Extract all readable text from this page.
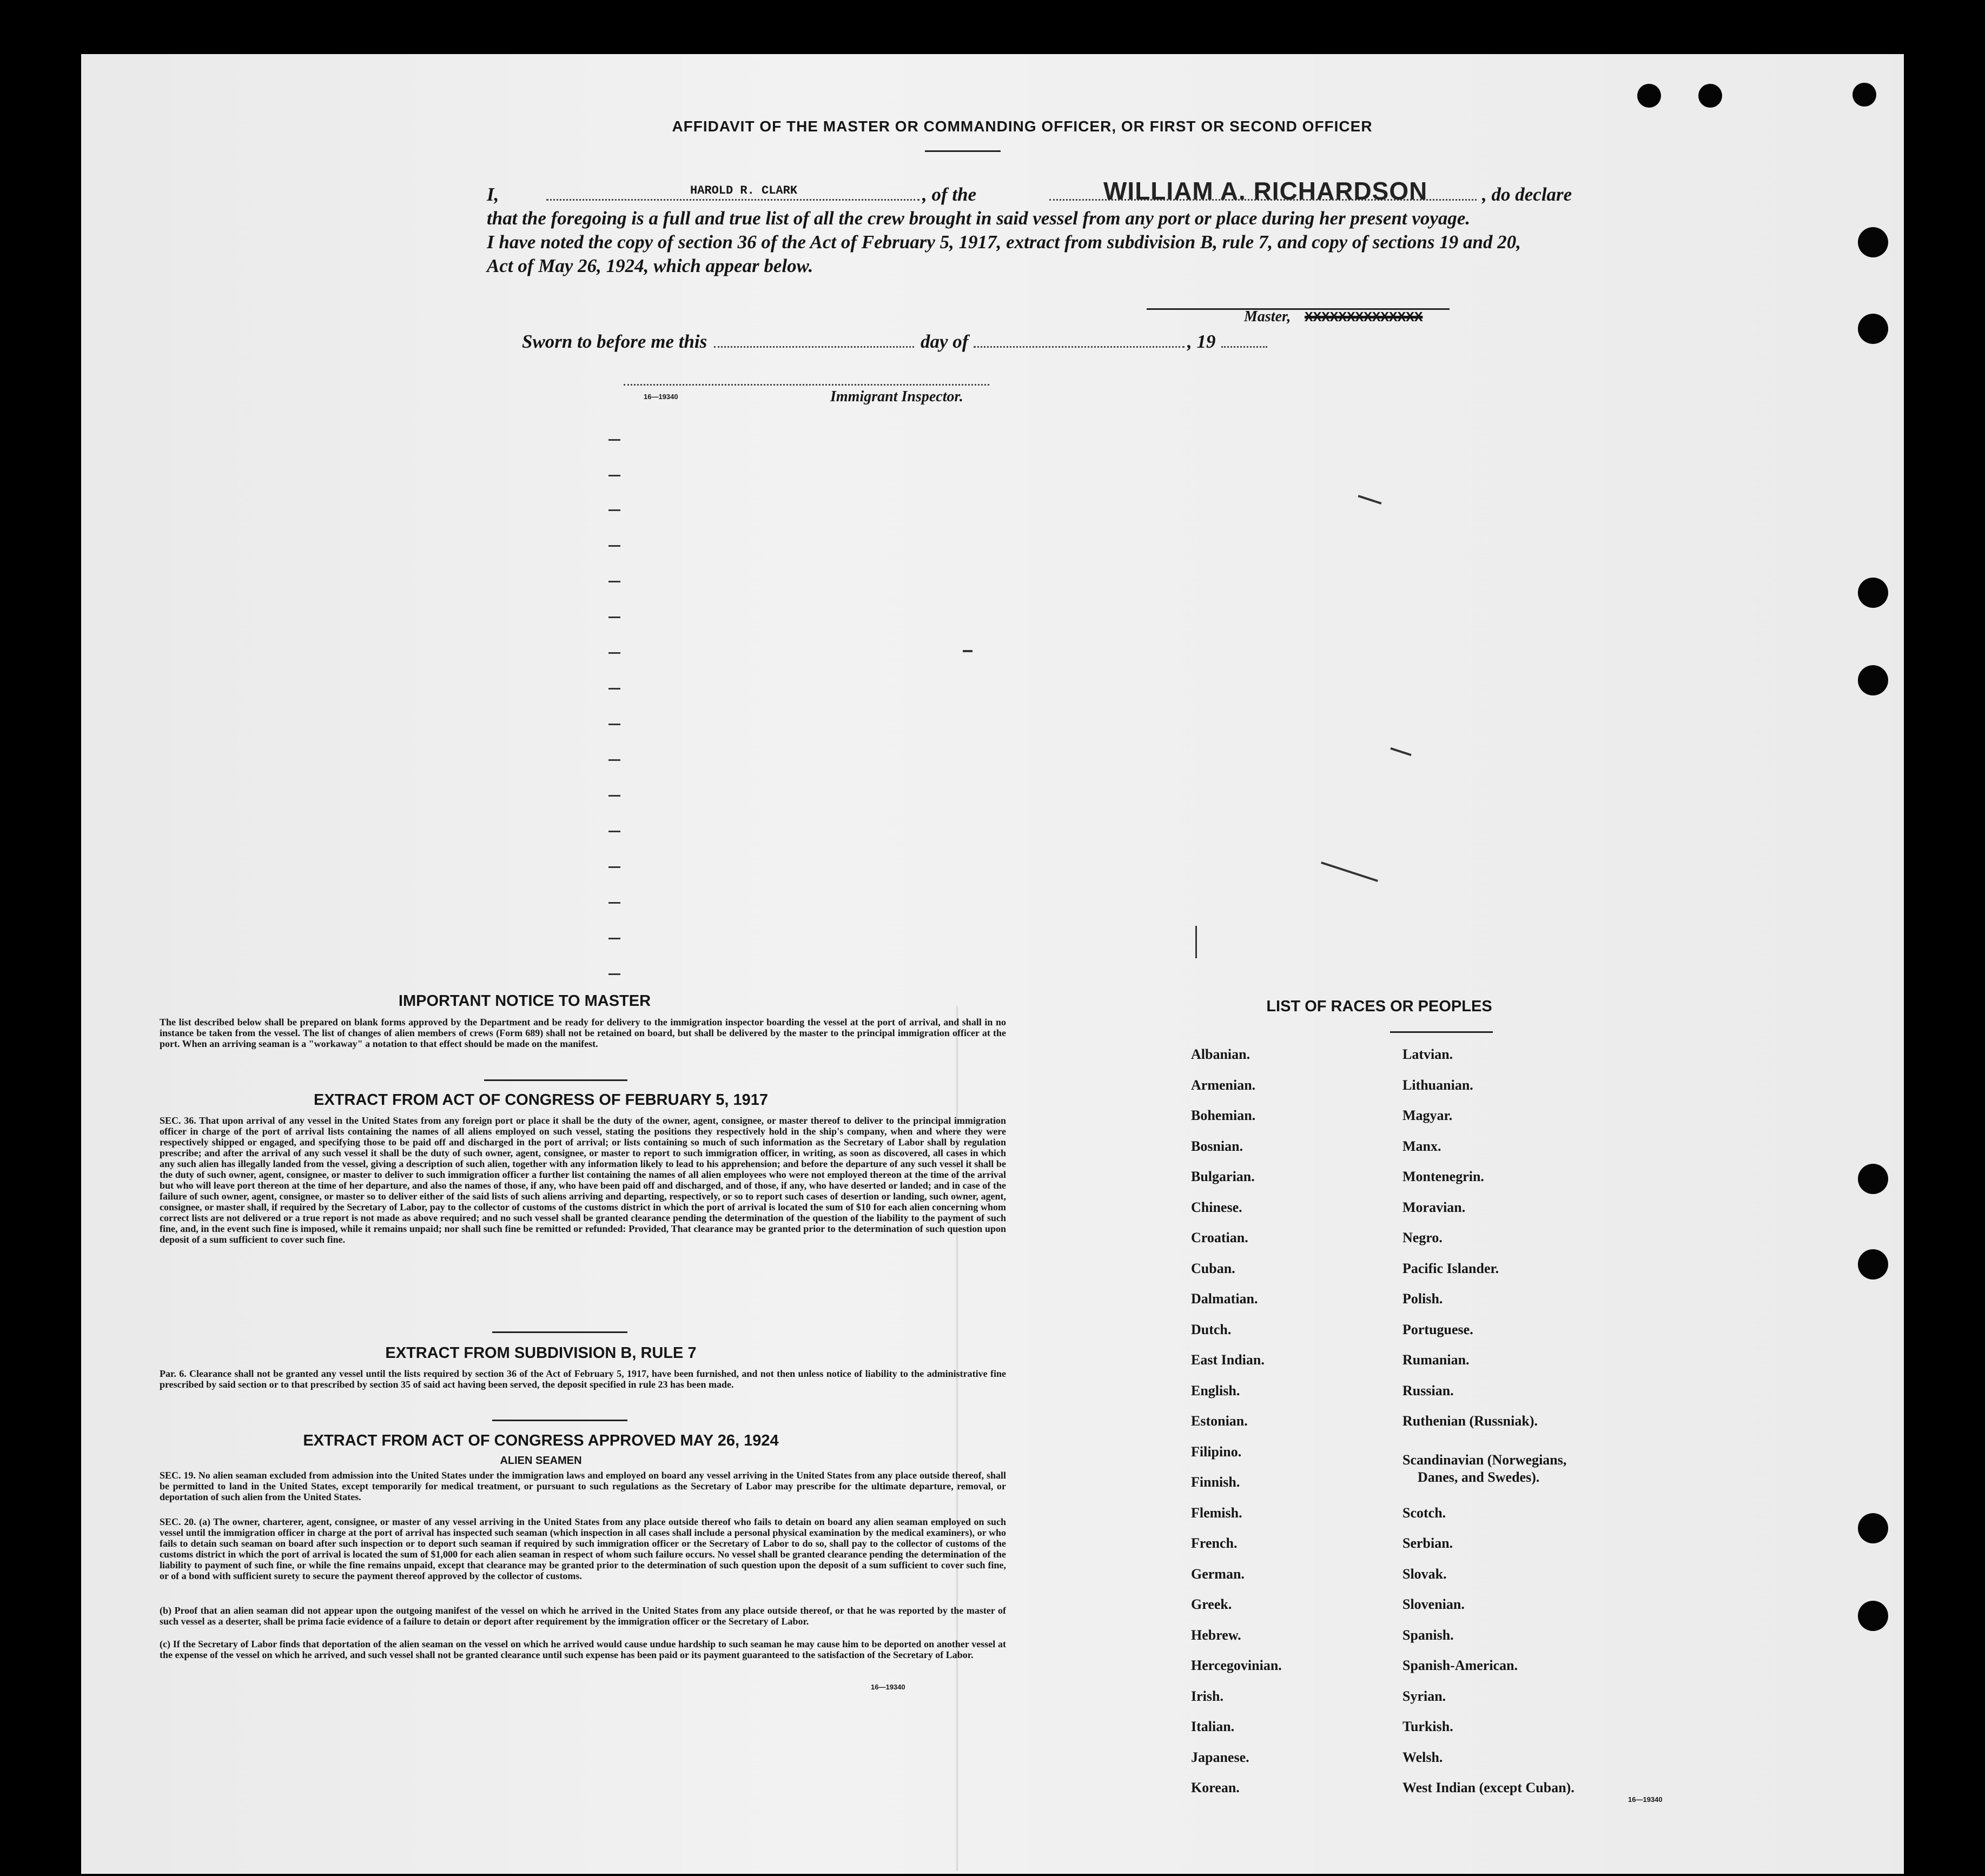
AFFIDAVIT OF THE MASTER OR COMMANDING OFFICER, OR FIRST OR SECOND OFFICER
I,	HAROLD R. CLARK	, of the	WILLIAM A. RICHARDSON	, do declare
that the foregoing is a full and true list of all the crew brought in said vessel from any port or place during her present voyage.
I have noted the copy of section 36 of the Act of February 5, 1917, extract from subdivision B, rule 7, and copy of sections 19 and 20,
Act of May 26, 1924, which appear below.
Master, XXXXXXXXXXXXXX
Sworn to before me this	day of	, 19
16—19340	Immigrant Inspector.
IMPORTANT NOTICE TO MASTER
The list described below shall be prepared on blank forms approved by the Department and be ready for delivery to the immigration inspector boarding the vessel at the port of arrival, and shall in no instance be taken from the vessel. The list of changes of alien members of crews (Form 689) shall not be retained on board, but shall be delivered by the master to the principal immigration officer at the port. When an arriving seaman is a "workaway" a notation to that effect should be made on the manifest.
EXTRACT FROM ACT OF CONGRESS OF FEBRUARY 5, 1917
SEC. 36. That upon arrival of any vessel in the United States from any foreign port or place it shall be the duty of the owner, agent, consignee, or master thereof to deliver to the principal immigration officer in charge of the port of arrival lists containing the names of all aliens employed on such vessel, stating the positions they respectively hold in the ship's company, when and where they were respectively shipped or engaged, and specifying those to be paid off and discharged in the port of arrival; or lists containing so much of such information as the Secretary of Labor shall by regulation prescribe; and after the arrival of any such vessel it shall be the duty of such owner, agent, consignee, or master to report to such immigration officer, in writing, as soon as discovered, all cases in which any such alien has illegally landed from the vessel, giving a description of such alien, together with any information likely to lead to his apprehension; and before the departure of any such vessel it shall be the duty of such owner, agent, consignee, or master to deliver to such immigration officer a further list containing the names of all alien employees who were not employed thereon at the time of the arrival but who will leave port thereon at the time of her departure, and also the names of those, if any, who have been paid off and discharged, and of those, if any, who have deserted or landed; and in case of the failure of such owner, agent, consignee, or master so to deliver either of the said lists of such aliens arriving and departing, respectively, or so to report such cases of desertion or landing, such owner, agent, consignee, or master shall, if required by the Secretary of Labor, pay to the collector of customs of the customs district in which the port of arrival is located the sum of $10 for each alien concerning whom correct lists are not delivered or a true report is not made as above required; and no such vessel shall be granted clearance pending the determination of the question of the liability to the payment of such fine, and, in the event such fine is imposed, while it remains unpaid; nor shall such fine be remitted or refunded: Provided, That clearance may be granted prior to the determination of such question upon deposit of a sum sufficient to cover such fine.
EXTRACT FROM SUBDIVISION B, RULE 7
Par. 6. Clearance shall not be granted any vessel until the lists required by section 36 of the Act of February 5, 1917, have been furnished, and not then unless notice of liability to the administrative fine prescribed by said section or to that prescribed by section 35 of said act having been served, the deposit specified in rule 23 has been made.
EXTRACT FROM ACT OF CONGRESS APPROVED MAY 26, 1924
ALIEN SEAMEN
SEC. 19. No alien seaman excluded from admission into the United States under the immigration laws and employed on board any vessel arriving in the United States from any place outside thereof, shall be permitted to land in the United States, except temporarily for medical treatment, or pursuant to such regulations as the Secretary of Labor may prescribe for the ultimate departure, removal, or deportation of such alien from the United States.
SEC. 20. (a) The owner, charterer, agent, consignee, or master of any vessel arriving in the United States from any place outside thereof who fails to detain on board any alien seaman employed on such vessel until the immigration officer in charge at the port of arrival has inspected such seaman (which inspection in all cases shall include a personal physical examination by the medical examiners), or who fails to detain such seaman on board after such inspection or to deport such seaman if required by such immigration officer or the Secretary of Labor to do so, shall pay to the collector of customs of the customs district in which the port of arrival is located the sum of $1,000 for each alien seaman in respect of whom such failure occurs. No vessel shall be granted clearance pending the determination of the liability to payment of such fine, or while the fine remains unpaid, except that clearance may be granted prior to the determination of such question upon the deposit of a sum sufficient to cover such fine, or of a bond with sufficient surety to secure the payment thereof approved by the collector of customs.
(b) Proof that an alien seaman did not appear upon the outgoing manifest of the vessel on which he arrived in the United States from any place outside thereof, or that he was reported by the master of such vessel as a deserter, shall be prima facie evidence of a failure to detain or deport after requirement by the immigration officer or the Secretary of Labor.
(c) If the Secretary of Labor finds that deportation of the alien seaman on the vessel on which he arrived would cause undue hardship to such seaman he may cause him to be deported on another vessel at the expense of the vessel on which he arrived, and such vessel shall not be granted clearance until such expense has been paid or its payment guaranteed to the satisfaction of the Secretary of Labor.
16—19340
LIST OF RACES OR PEOPLES
Albanian.
Armenian.
Bohemian.
Bosnian.
Bulgarian.
Chinese.
Croatian.
Cuban.
Dalmatian.
Dutch.
East Indian.
English.
Estonian.
Filipino.
Finnish.
Flemish.
French.
German.
Greek.
Hebrew.
Hercegovinian.
Irish.
Italian.
Japanese.
Korean.
Latvian.
Lithuanian.
Magyar.
Manx.
Montenegrin.
Moravian.
Negro.
Pacific Islander.
Polish.
Portuguese.
Rumanian.
Russian.
Ruthenian (Russniak).
Scandinavian (Norwegians,
Danes, and Swedes).
Scotch.
Serbian.
Slovak.
Slovenian.
Spanish.
Spanish-American.
Syrian.
Turkish.
Welsh.
West Indian (except Cuban).
16—19340
